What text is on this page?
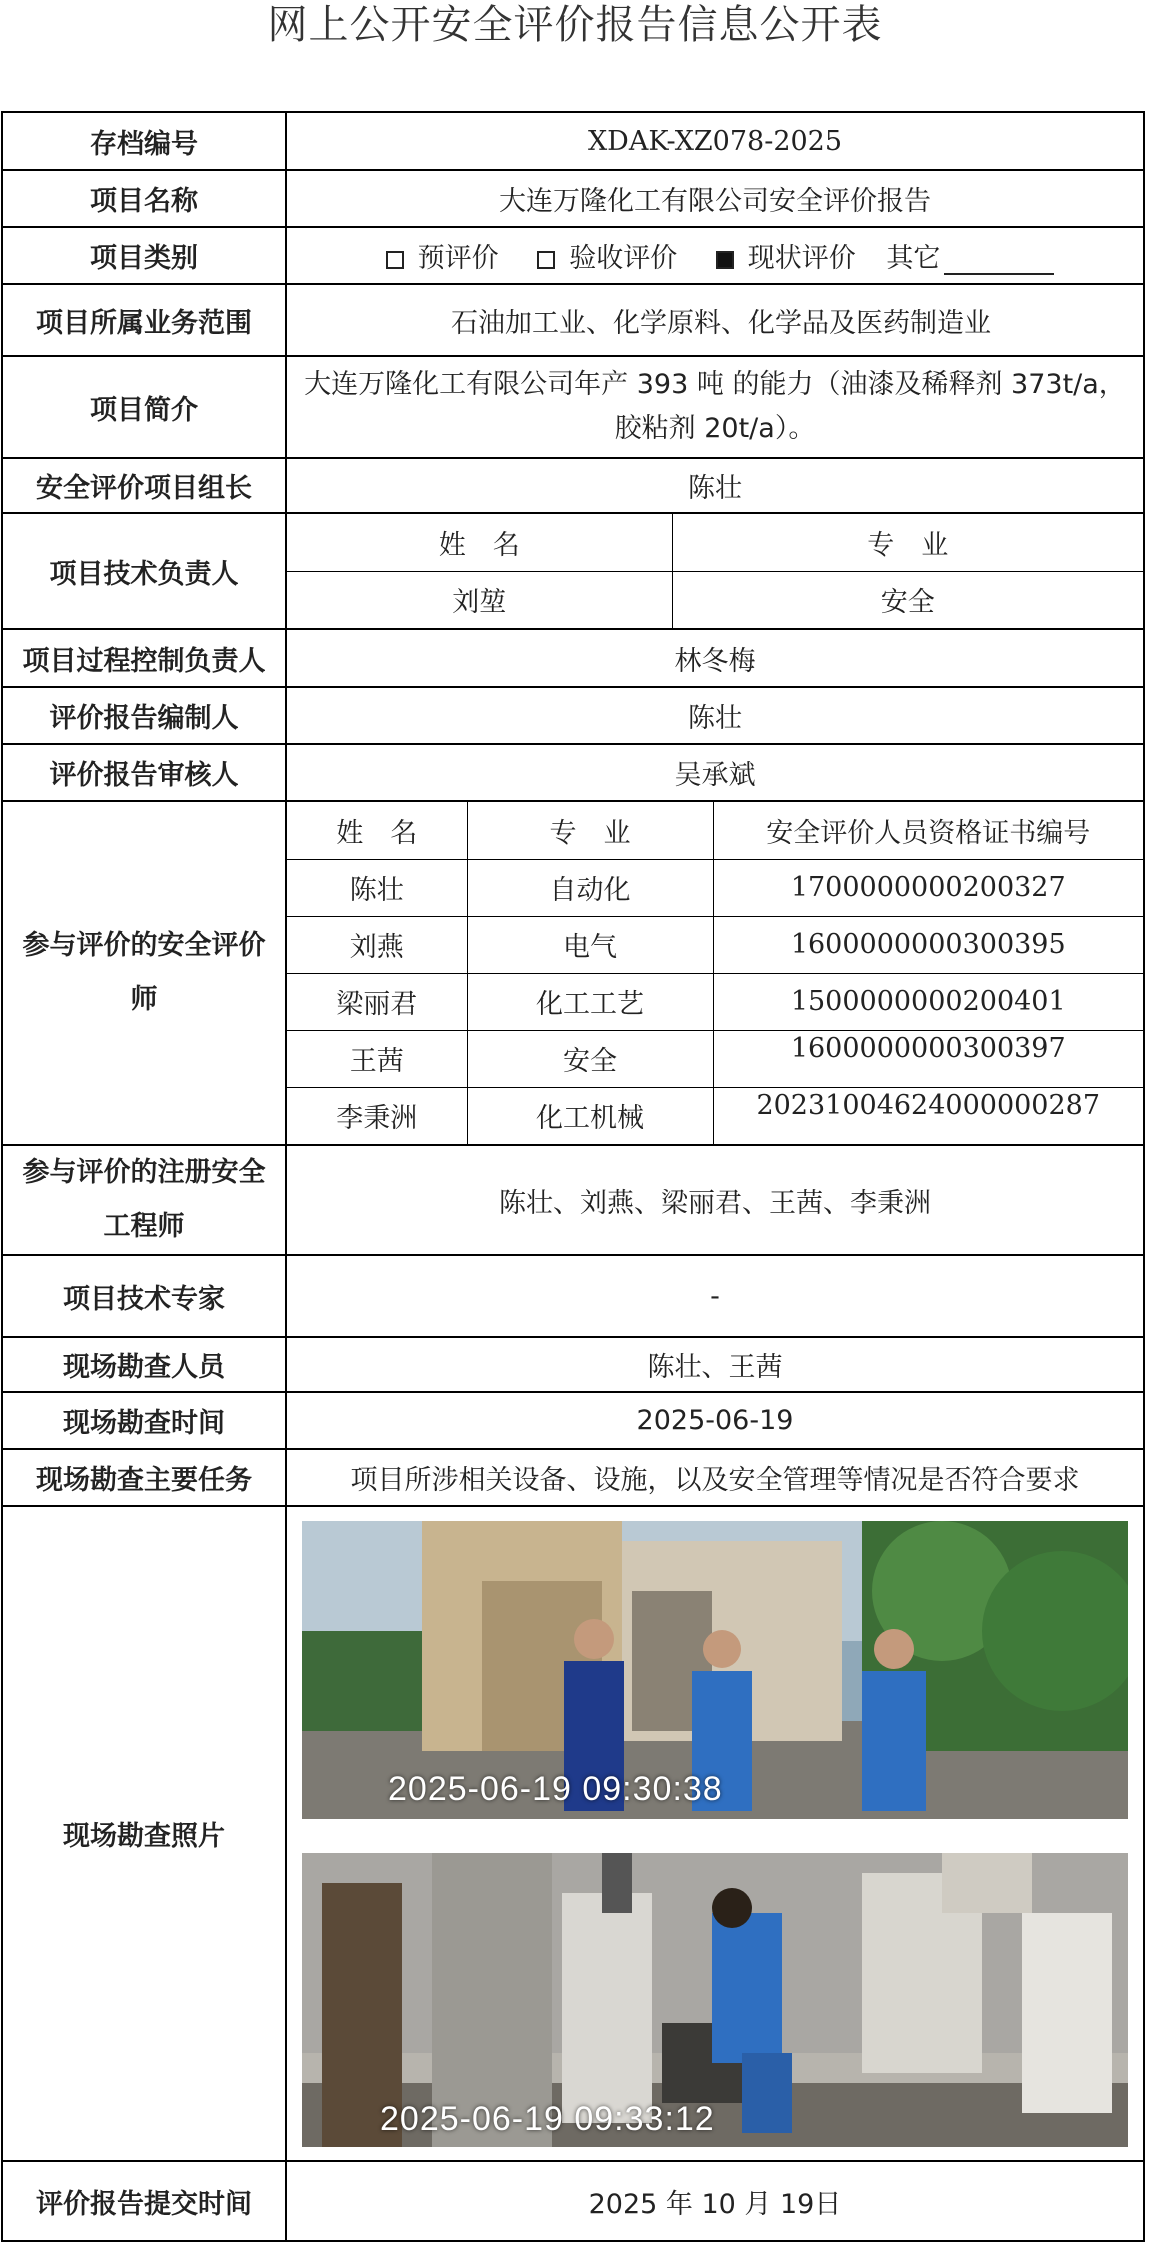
网上公开安全评价报告信息公开表
存档编号	XDAK-XZ078-2025
项目名称	大连万隆化工有限公司安全评价报告
项目类别	预评价	验收评价	现状评价 其它
项目所属业务范围	石油加工业、化学原料、化学品及医药制造业
项目简介	大连万隆化工有限公司年产 393 吨 的能力（油漆及稀释剂 373t/a，胶粘剂 20t/a）。
安全评价项目组长	陈壮
项目技术负责人	
姓　名	专　业
刘堃	安全

项目过程控制负责人	林冬梅
评价报告编制人	陈壮
评价报告审核人	吴承斌
参与评价的安全评价
师	
姓　名	专　业	安全评价人员资格证书编号
陈壮	自动化	1700000000200327
刘燕	电气	1600000000300395
梁丽君	化工工艺	1500000000200401
王茜	安全	1600000000300397
李秉洲	化工机械	20231004624000000287

参与评价的注册安全
工程师	陈壮、刘燕、梁丽君、王茜、李秉洲
项目技术专家	-
现场勘查人员	陈壮、王茜
现场勘查时间	2025-06-19
现场勘查主要任务	项目所涉相关设备、设施，以及安全管理等情况是否符合要求
现场勘查照片	
2025-06-19 09:30:38
2025-06-19 09:33:12

评价报告提交时间	2025 年 10 月 19日
